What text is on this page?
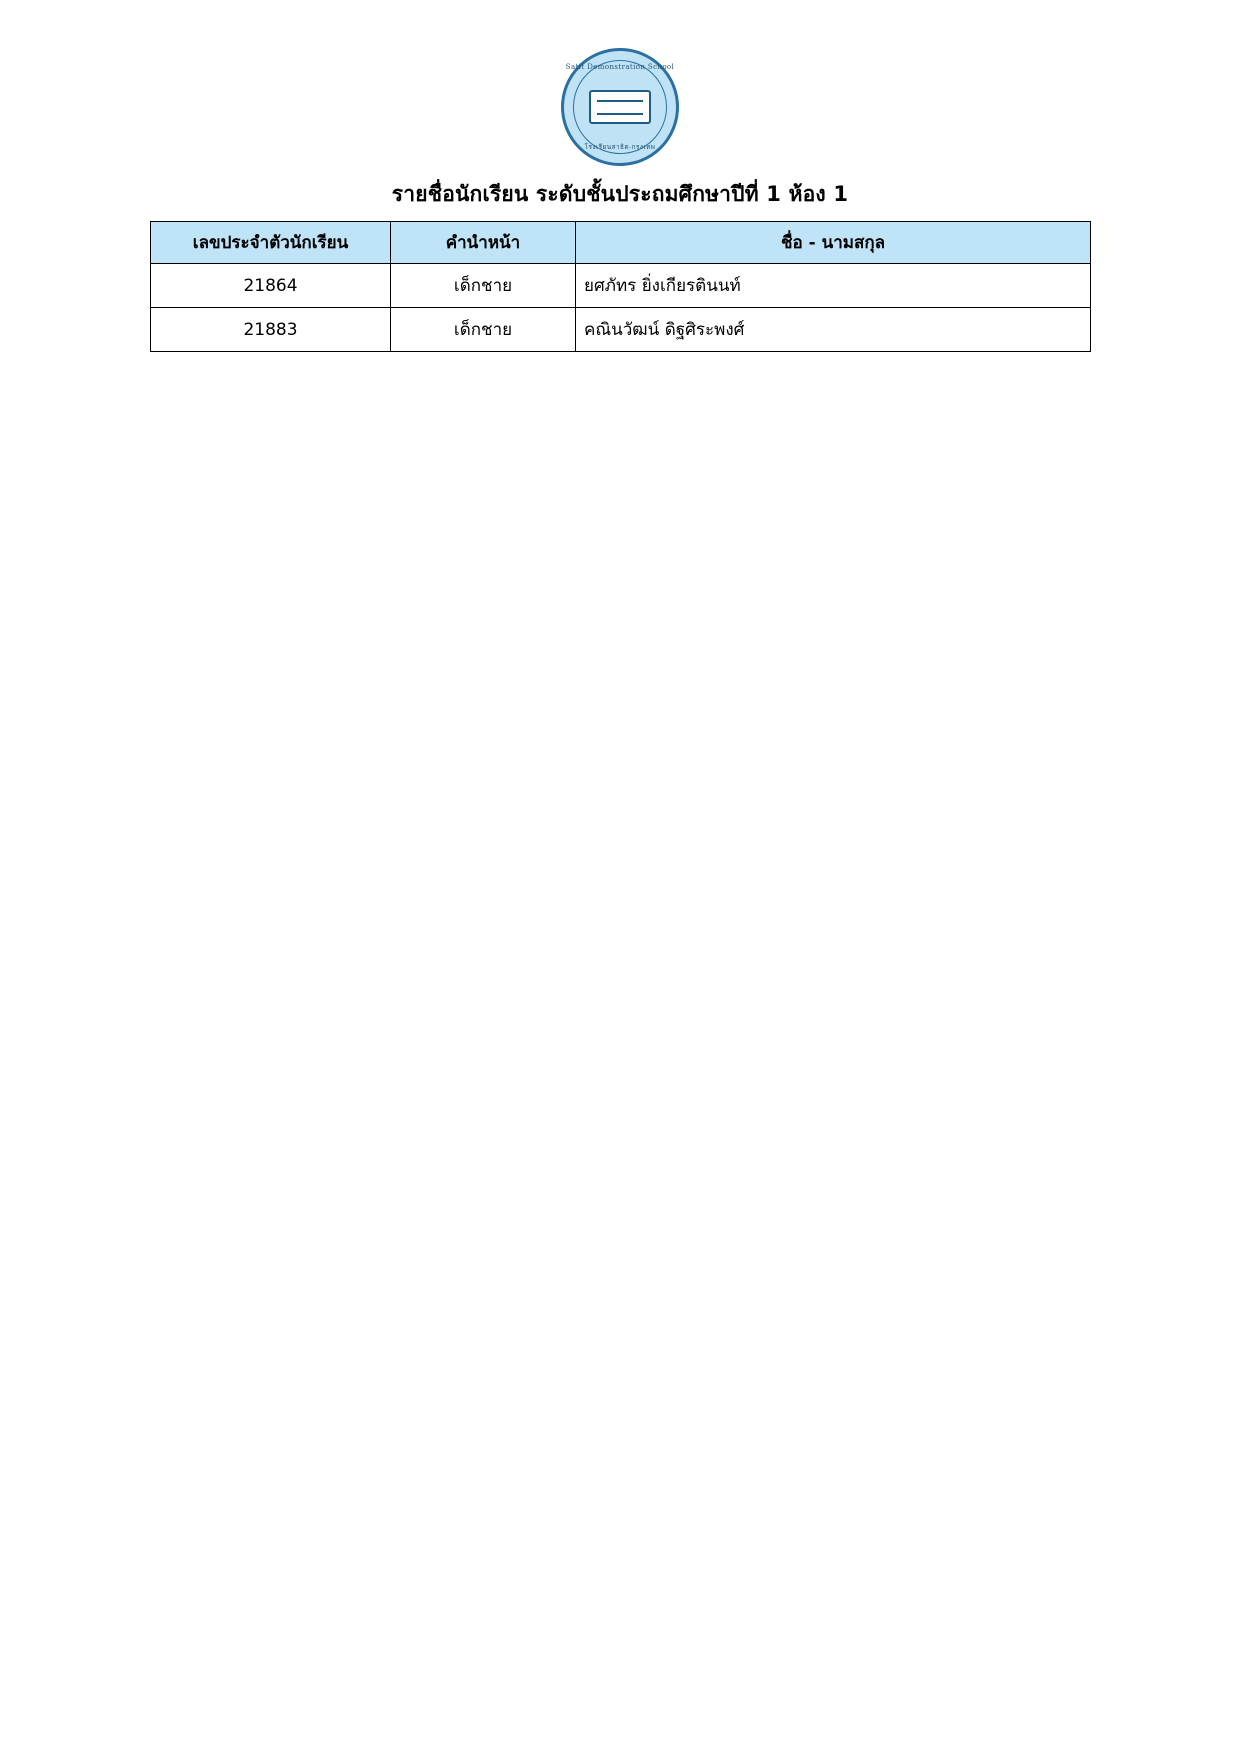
Satit Demonstration School
โรงเรียนสาธิต-กรุงเทพ
รายชื่อนักเรียน ระดับชั้นประถมศึกษาปีที่ 1 ห้อง 1
เลขประจำตัวนักเรียน	คำนำหน้า	ชื่อ - นามสกุล
21864	เด็กชาย	ยศภัทร ยิ่งเกียรตินนท์
21883	เด็กชาย	คณินวัฒน์ ดิฐศิระพงศ์
